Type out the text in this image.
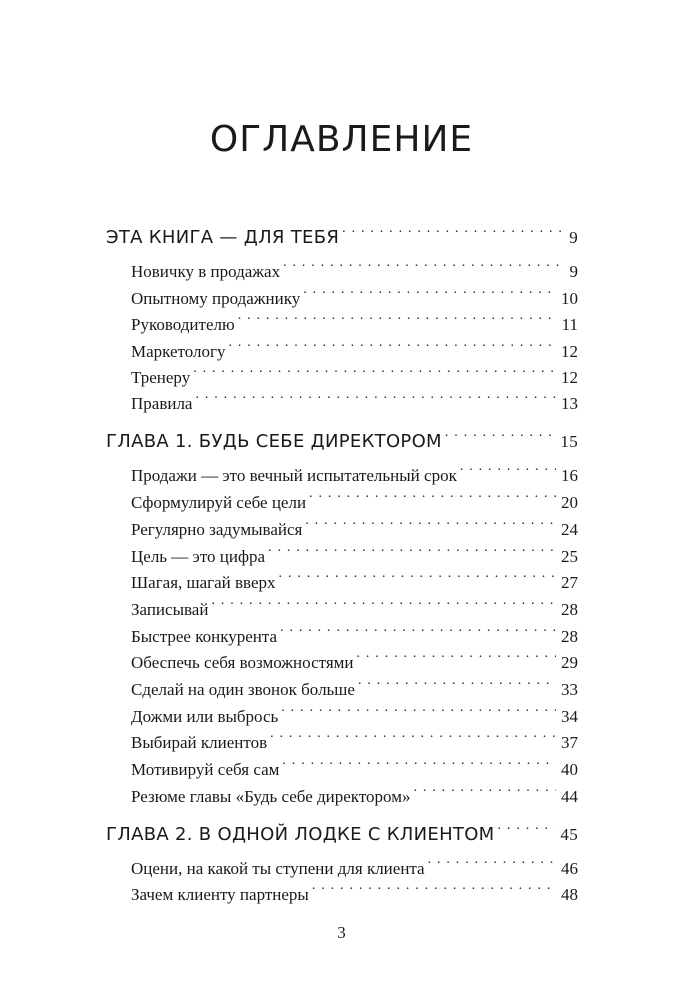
ОГЛАВЛЕНИЕ
ЭТА КНИГА — ДЛЯ ТЕБЯ . . .	9
Новичку в продажах . . .	9
Опытному продажнику . . .	10
Руководителю . . .	11
Маркетологу . . .	12
Тренеру . . .	12
Правила . . .	13
ГЛАВА 1. БУДЬ СЕБЕ ДИРЕКТОРОМ . . .	15
Продажи — это вечный испытательный срок . . .	16
Сформулируй себе цели . . .	20
Регулярно задумывайся . . .	24
Цель — это цифра . . .	25
Шагая, шагай вверх . . .	27
Записывай . . .	28
Быстрее конкурента . . .	28
Обеспечь себя возможностями . . .	29
Сделай на один звонок больше . . .	33
Дожми или выбрось . . .	34
Выбирай клиентов . . .	37
Мотивируй себя сам . . .	40
Резюме главы «Будь себе директором» . . .	44
ГЛАВА 2. В ОДНОЙ ЛОДКЕ С КЛИЕНТОМ . . .	45
Оцени, на какой ты ступени для клиента . . .	46
Зачем клиенту партнеры . . .	48
3
